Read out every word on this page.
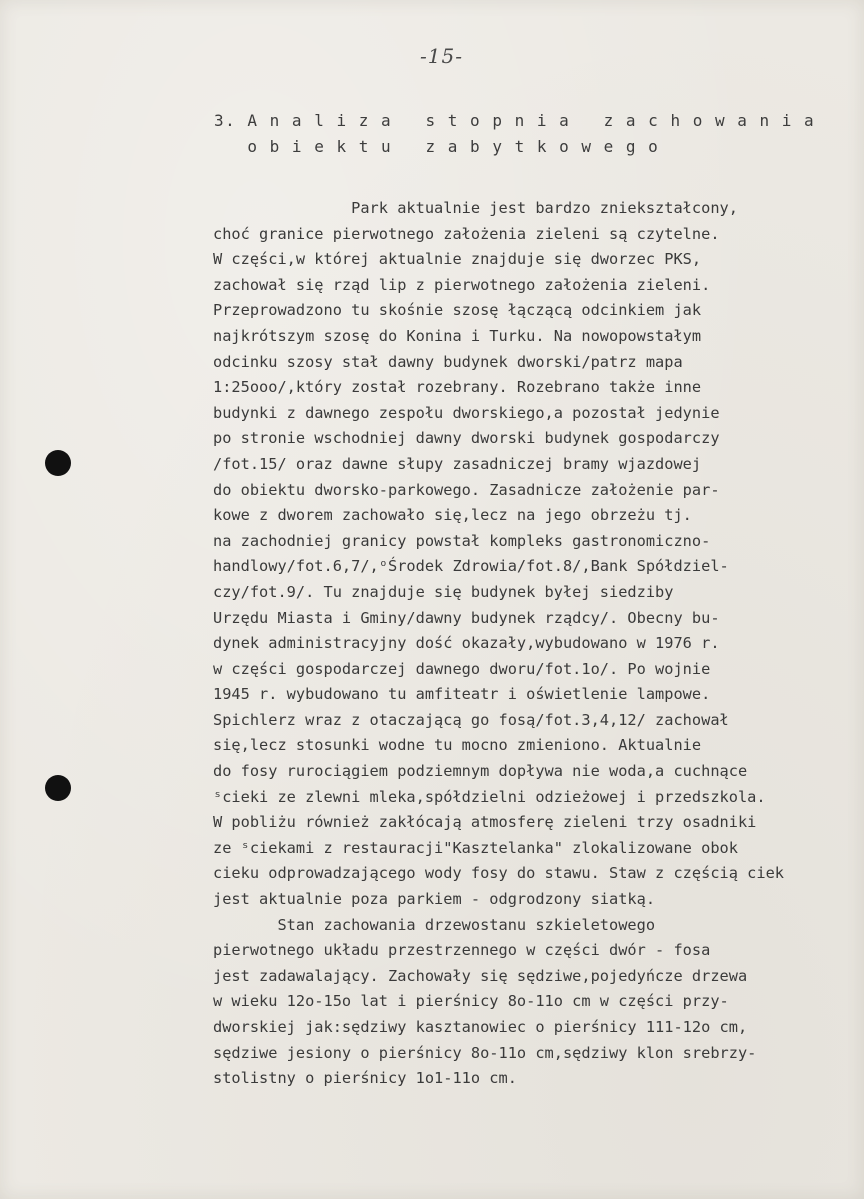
-15-
3. A n a l i z a   s t o p n i a   z a c h o w a n i a
o b i e k t u   z a b y t k o w e g o
Park aktualnie jest bardzo zniekształcony,
choć granice pierwotnego założenia zieleni są czytelne.
W części,w której aktualnie znajduje się dworzec PKS,
zachował się rząd lip z pierwotnego założenia zieleni.
Przeprowadzono tu skośnie szosę łączącą odcinkiem jak
najkrótszym szosę do Konina i Turku. Na nowopowstałym
odcinku szosy stał dawny budynek dworski/patrz mapa
1:25ooo/,który został rozebrany. Rozebrano także inne
budynki z dawnego zespołu dworskiego,a pozostał jedynie
po stronie wschodniej dawny dworski budynek gospodarczy
/fot.15/ oraz dawne słupy zasadniczej bramy wjazdowej
do obiektu dworsko-parkowego. Zasadnicze założenie par-
kowe z dworem zachowało się,lecz na jego obrzeżu tj.
na zachodniej granicy powstał kompleks gastronomiczno-
handlowy/fot.6,7/,ᵒŚrodek Zdrowia/fot.8/,Bank Spółdziel-
czy/fot.9/. Tu znajduje się budynek byłej siedziby
Urzędu Miasta i Gminy/dawny budynek rządcy/. Obecny bu-
dynek administracyjny dość okazały,wybudowano w 1976 r.
w części gospodarczej dawnego dworu/fot.1o/. Po wojnie
1945 r. wybudowano tu amfiteatr i oświetlenie lampowe.
Spichlerz wraz z otaczającą go fosą/fot.3,4,12/ zachował
się,lecz stosunki wodne tu mocno zmieniono. Aktualnie
do fosy rurociągiem podziemnym dopływa nie woda,a cuchnące
ˢcieki ze zlewni mleka,spółdzielni odzieżowej i przedszkola.
W pobliżu również zakłócają atmosferę zieleni trzy osadniki
ze ˢciekami z restauracji"Kasztelanka" zlokalizowane obok
cieku odprowadzającego wody fosy do stawu. Staw z częścią ciek
jest aktualnie poza parkiem - odgrodzony siatką.
Stan zachowania drzewostanu szkieletowego
pierwotnego układu przestrzennego w części dwór - fosa
jest zadawalający. Zachowały się sędziwe,pojedyńcze drzewa
w wieku 12o-15o lat i pierśnicy 8o-11o cm w części przy-
dworskiej jak:sędziwy kasztanowiec o pierśnicy 111-12o cm,
sędziwe jesiony o pierśnicy 8o-11o cm,sędziwy klon srebrzy-
stolistny o pierśnicy 1o1-11o cm.
